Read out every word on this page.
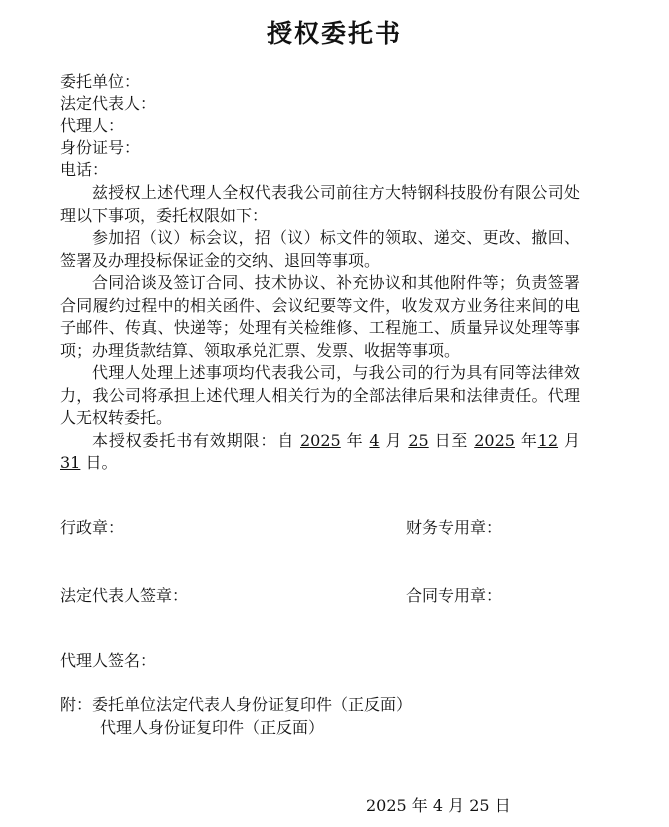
授权委托书
委托单位：
法定代表人：
代理人：
身份证号：
电话：

兹授权上述代理人全权代表我公司前往方大特钢科技股份有限公司处理以下事项，委托权限如下：

参加招（议）标会议，招（议）标文件的领取、递交、更改、撤回、签署及办理投标保证金的交纳、退回等事项。

合同洽谈及签订合同、技术协议、补充协议和其他附件等；负责签署合同履约过程中的相关函件、会议纪要等文件，收发双方业务往来间的电子邮件、传真、快递等；处理有关检维修、工程施工、质量异议处理等事项；办理货款结算、领取承兑汇票、发票、收据等事项。

代理人处理上述事项均代表我公司，与我公司的行为具有同等法律效力，我公司将承担上述代理人相关行为的全部法律后果和法律责任。代理人无权转委托。

本授权委托书有效期限：自 2025 年 4 月 25 日至 2025 年12 月 31 日。

行政章：	财务专用章：
法定代表人签章：	合同专用章：
代理人签名：
附：委托单位法定代表人身份证复印件（正反面）
代理人身份证复印件（正反面）
2025 年 4 月 25 日
